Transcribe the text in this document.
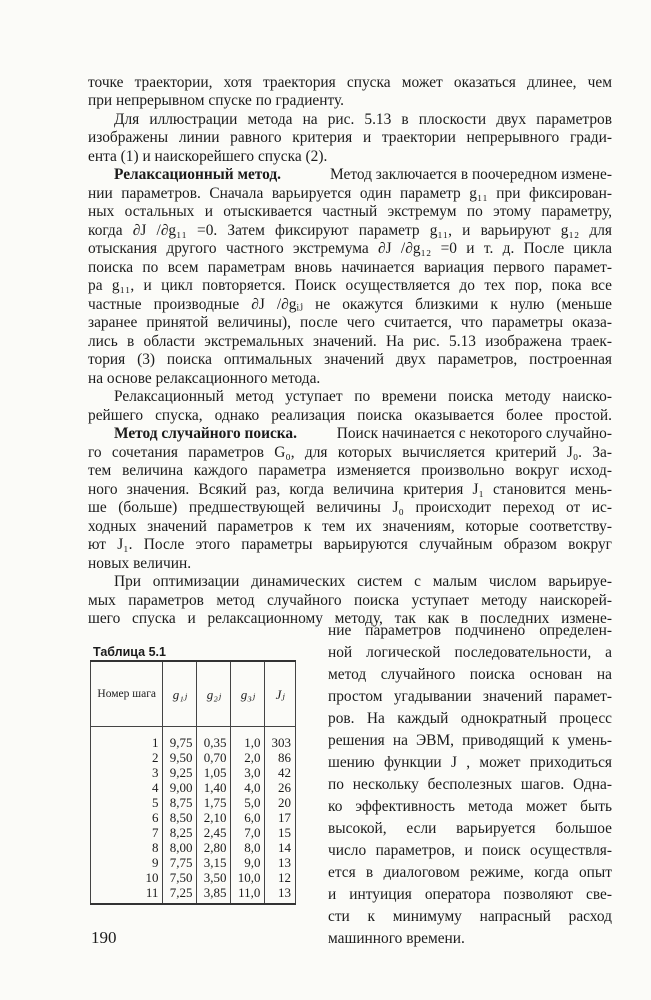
точке траектории, хотя траектория спуска может оказаться длинее, чем
при непрерывном спуске по градиенту.
Для иллюстрации метода на рис. 5.13 в плоскости двух параметров
изображены линии равного критерия и траектории непрерывного гради-
ента (1) и наискорейшего спуска (2).
Релаксационный метод.	Метод заключается в поочередном измене-
нии параметров. Сначала варьируется один параметр g₁₁ при фиксирован-
ных остальных и отыскивается частный экстремум по этому параметру,
когда ∂J /∂g₁₁ =0. Затем фиксируют параметр g₁₁, и варьируют g₁₂ для
отыскания другого частного экстремума ∂J /∂g₁₂ =0 и т. д. После цикла
поиска по всем параметрам вновь начинается вариация первого парамет-
ра g₁₁, и цикл повторяется. Поиск осуществляется до тех пор, пока все
частные производные ∂J /∂gᵢⱼ не окажутся близкими к нулю (меньше
заранее принятой величины), после чего считается, что параметры оказа-
лись в области экстремальных значений. На рис. 5.13 изображена траек-
тория (3) поиска оптимальных значений двух параметров, построенная
на основе релаксационного метода.
Релаксационный метод уступает по времени поиска методу наиско-
рейшего спуска, однако реализация поиска оказывается более простой.
Метод случайного поиска.	Поиск начинается с некоторого случайно-
го сочетания параметров G₀, для которых вычисляется критерий J₀. За-
тем величина каждого параметра изменяется произвольно вокруг исход-
ного значения. Всякий раз, когда величина критерия J₁ становится мень-
ше (больше) предшествующей величины J₀ происходит переход от ис-
ходных значений параметров к тем их значениям, которые соответству-
ют J₁. После этого параметры варьируются случайным образом вокруг
новых величин.
При оптимизации динамических систем с малым числом варьируе-
мых параметров метод случайного поиска уступает методу наискорей-
шего спуска и релаксационному методу, так как в последних измене-
ние параметров подчинено определен-
ной логической последовательности, а
метод случайного поиска основан на
простом угадывании значений парамет-
ров. На каждый однократный процесс
решения на ЭВМ, приводящий к умень-
шению функции J , может приходиться
по нескольку бесполезных шагов. Одна-
ко эффективность метода может быть
высокой, если варьируется большое
число параметров, и поиск осуществля-
ется в диалоговом режиме, когда опыт
и интуиция оператора позволяют све-
сти к минимуму напрасный расход
машинного времени.
Таблица 5.1
Номер шага	g₁ⱼ	g₂ⱼ	g₃ⱼ	Jⱼ
1	9,75	0,35	1,0	303
2	9,50	0,70	2,0	86
3	9,25	1,05	3,0	42
4	9,00	1,40	4,0	26
5	8,75	1,75	5,0	20
6	8,50	2,10	6,0	17
7	8,25	2,45	7,0	15
8	8,00	2,80	8,0	14
9	7,75	3,15	9,0	13
10	7,50	3,50	10,0	12
11	7,25	3,85	11,0	13
190
